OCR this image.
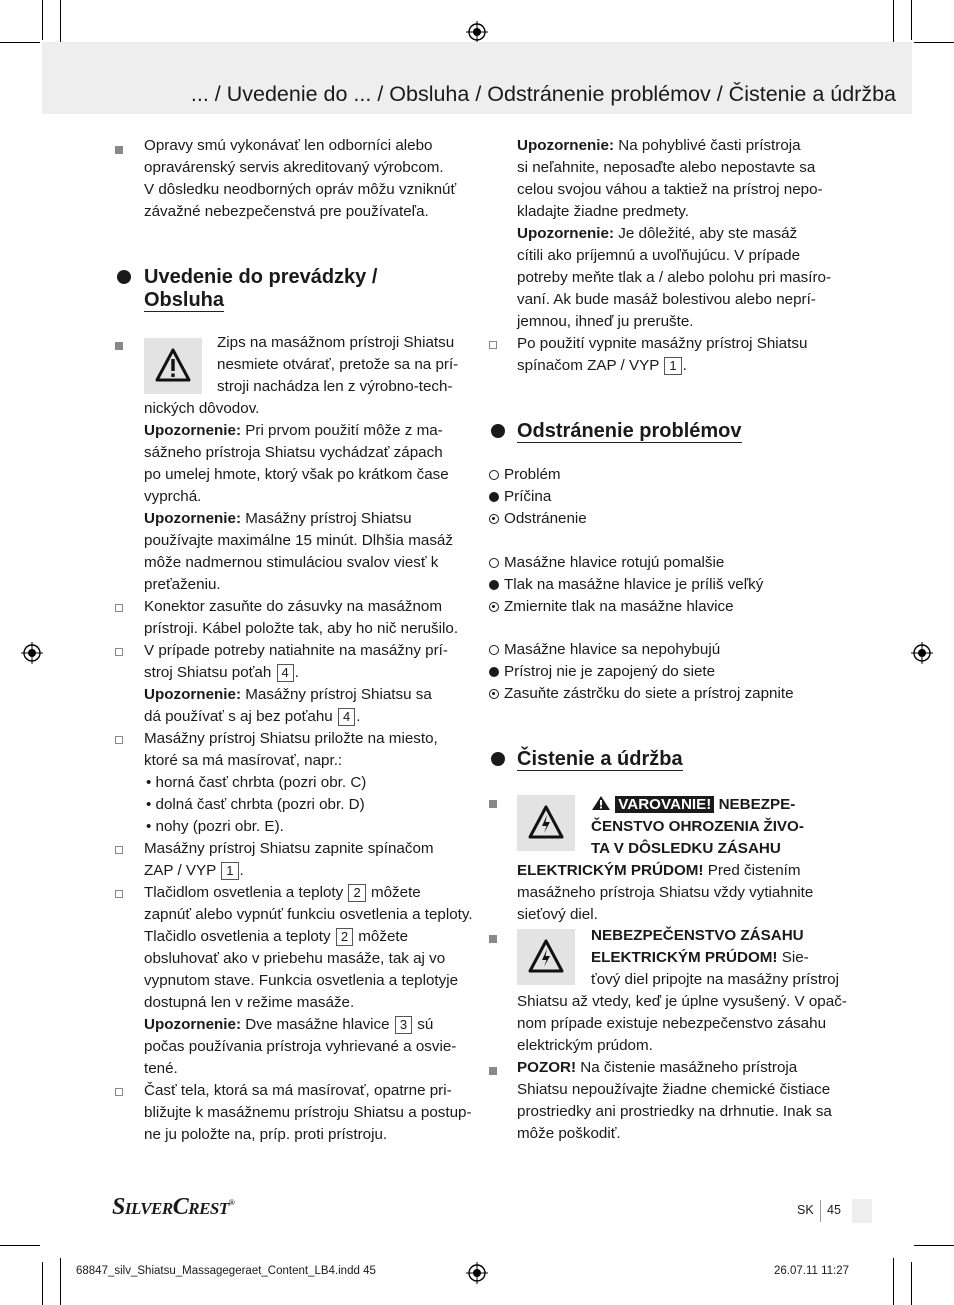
... / Uvedenie do ... / Obsluha / Odstránenie problémov / Čistenie a údržba
Opravy smú vykonávať len odborníci alebo
opravárenský servis akreditovaný výrobcom.
V dôsledku neodborných opráv môžu vzniknúť
závažné nebezpečenstvá pre používateľa.
Uvedenie do prevádzky /
Obsluha
Zips na masážnom prístroji Shiatsu
nesmiete otvárať, pretože sa na prí-
stroji nachádza len z výrobno-tech-
nických dôvodov.
Upozornenie: Pri prvom použití môže z ma-
sážneho prístroja Shiatsu vychádzať zápach
po umelej hmote, ktorý však po krátkom čase
vyprchá.
Upozornenie: Masážny prístroj Shiatsu
používajte maximálne 15 minút. Dlhšia masáž
môže nadmernou stimuláciou svalov viesť k
preťaženiu.
Konektor zasuňte do zásuvky na masážnom
prístroji. Kábel položte tak, aby ho nič nerušilo.
V prípade potreby natiahnite na masážny prí-
stroj Shiatsu poťah 4 .
Upozornenie: Masážny prístroj Shiatsu sa
dá používať s aj bez poťahu 4 .
Masážny prístroj Shiatsu priložte na miesto,
ktoré sa má masírovať, napr.:
• horná časť chrbta (pozri obr. C)
• dolná časť chrbta (pozri obr. D)
• nohy (pozri obr. E).
Masážny prístroj Shiatsu zapnite spínačom
ZAP / VYP 1 .
Tlačidlom osvetlenia a teploty 2 môžete
zapnúť alebo vypnúť funkciu osvetlenia a teploty.
Tlačidlo osvetlenia a teploty 2 môžete
obsluhovať ako v priebehu masáže, tak aj vo
vypnutom stave. Funkcia osvetlenia a teplotyje
dostupná len v režime masáže.
Upozornenie: Dve masážne hlavice 3 sú
počas používania prístroja vyhrievané a osvie-
tené.
Časť tela, ktorá sa má masírovať, opatrne pri-
bližujte k masážnemu prístroju Shiatsu a postup-
ne ju položte na, príp. proti prístroju.
Upozornenie: Na pohyblivé časti prístroja
si neľahnite, neposaďte alebo nepostavte sa
celou svojou váhou a taktiež na prístroj nepo-
kladajte žiadne predmety.
Upozornenie: Je dôležité, aby ste masáž
cítili ako príjemnú a uvoľňujúcu. V prípade
potreby meňte tlak a / alebo polohu pri masíro-
vaní. Ak bude masáž bolestivou alebo neprí-
jemnou, ihneď ju prerušte.
Po použití vypnite masážny prístroj Shiatsu
spínačom ZAP / VYP 1 .
Odstránenie problémov
Problém
Príčina
Odstránenie
Masážne hlavice rotujú pomalšie
Tlak na masážne hlavice je príliš veľký
Zmiernite tlak na masážne hlavice
Masážne hlavice sa nepohybujú
Prístroj nie je zapojený do siete
Zasuňte zástrčku do siete a prístroj zapnite
Čistenie a údržba
VAROVANIE! NEBEZPE-
ČENSTVO OHROZENIA ŽIVO-
TA V DÔSLEDKU ZÁSAHU
ELEKTRICKÝM PRÚDOM! Pred čistením
masážneho prístroja Shiatsu vždy vytiahnite
sieťový diel.
NEBEZPEČENSTVO ZÁSAHU
ELEKTRICKÝM PRÚDOM! Sie-
ťový diel pripojte na masážny prístroj
Shiatsu až vtedy, keď je úplne vysušený. V opač-
nom prípade existuje nebezpečenstvo zásahu
elektrickým prúdom.
POZOR! Na čistenie masážneho prístroja
Shiatsu nepoužívajte žiadne chemické čistiace
prostriedky ani prostriedky na drhnutie. Inak sa
môže poškodiť.
SilverCrest®
SK 45
68847_silv_Shiatsu_Massagegeraet_Content_LB4.indd 45	26.07.11 11:27
